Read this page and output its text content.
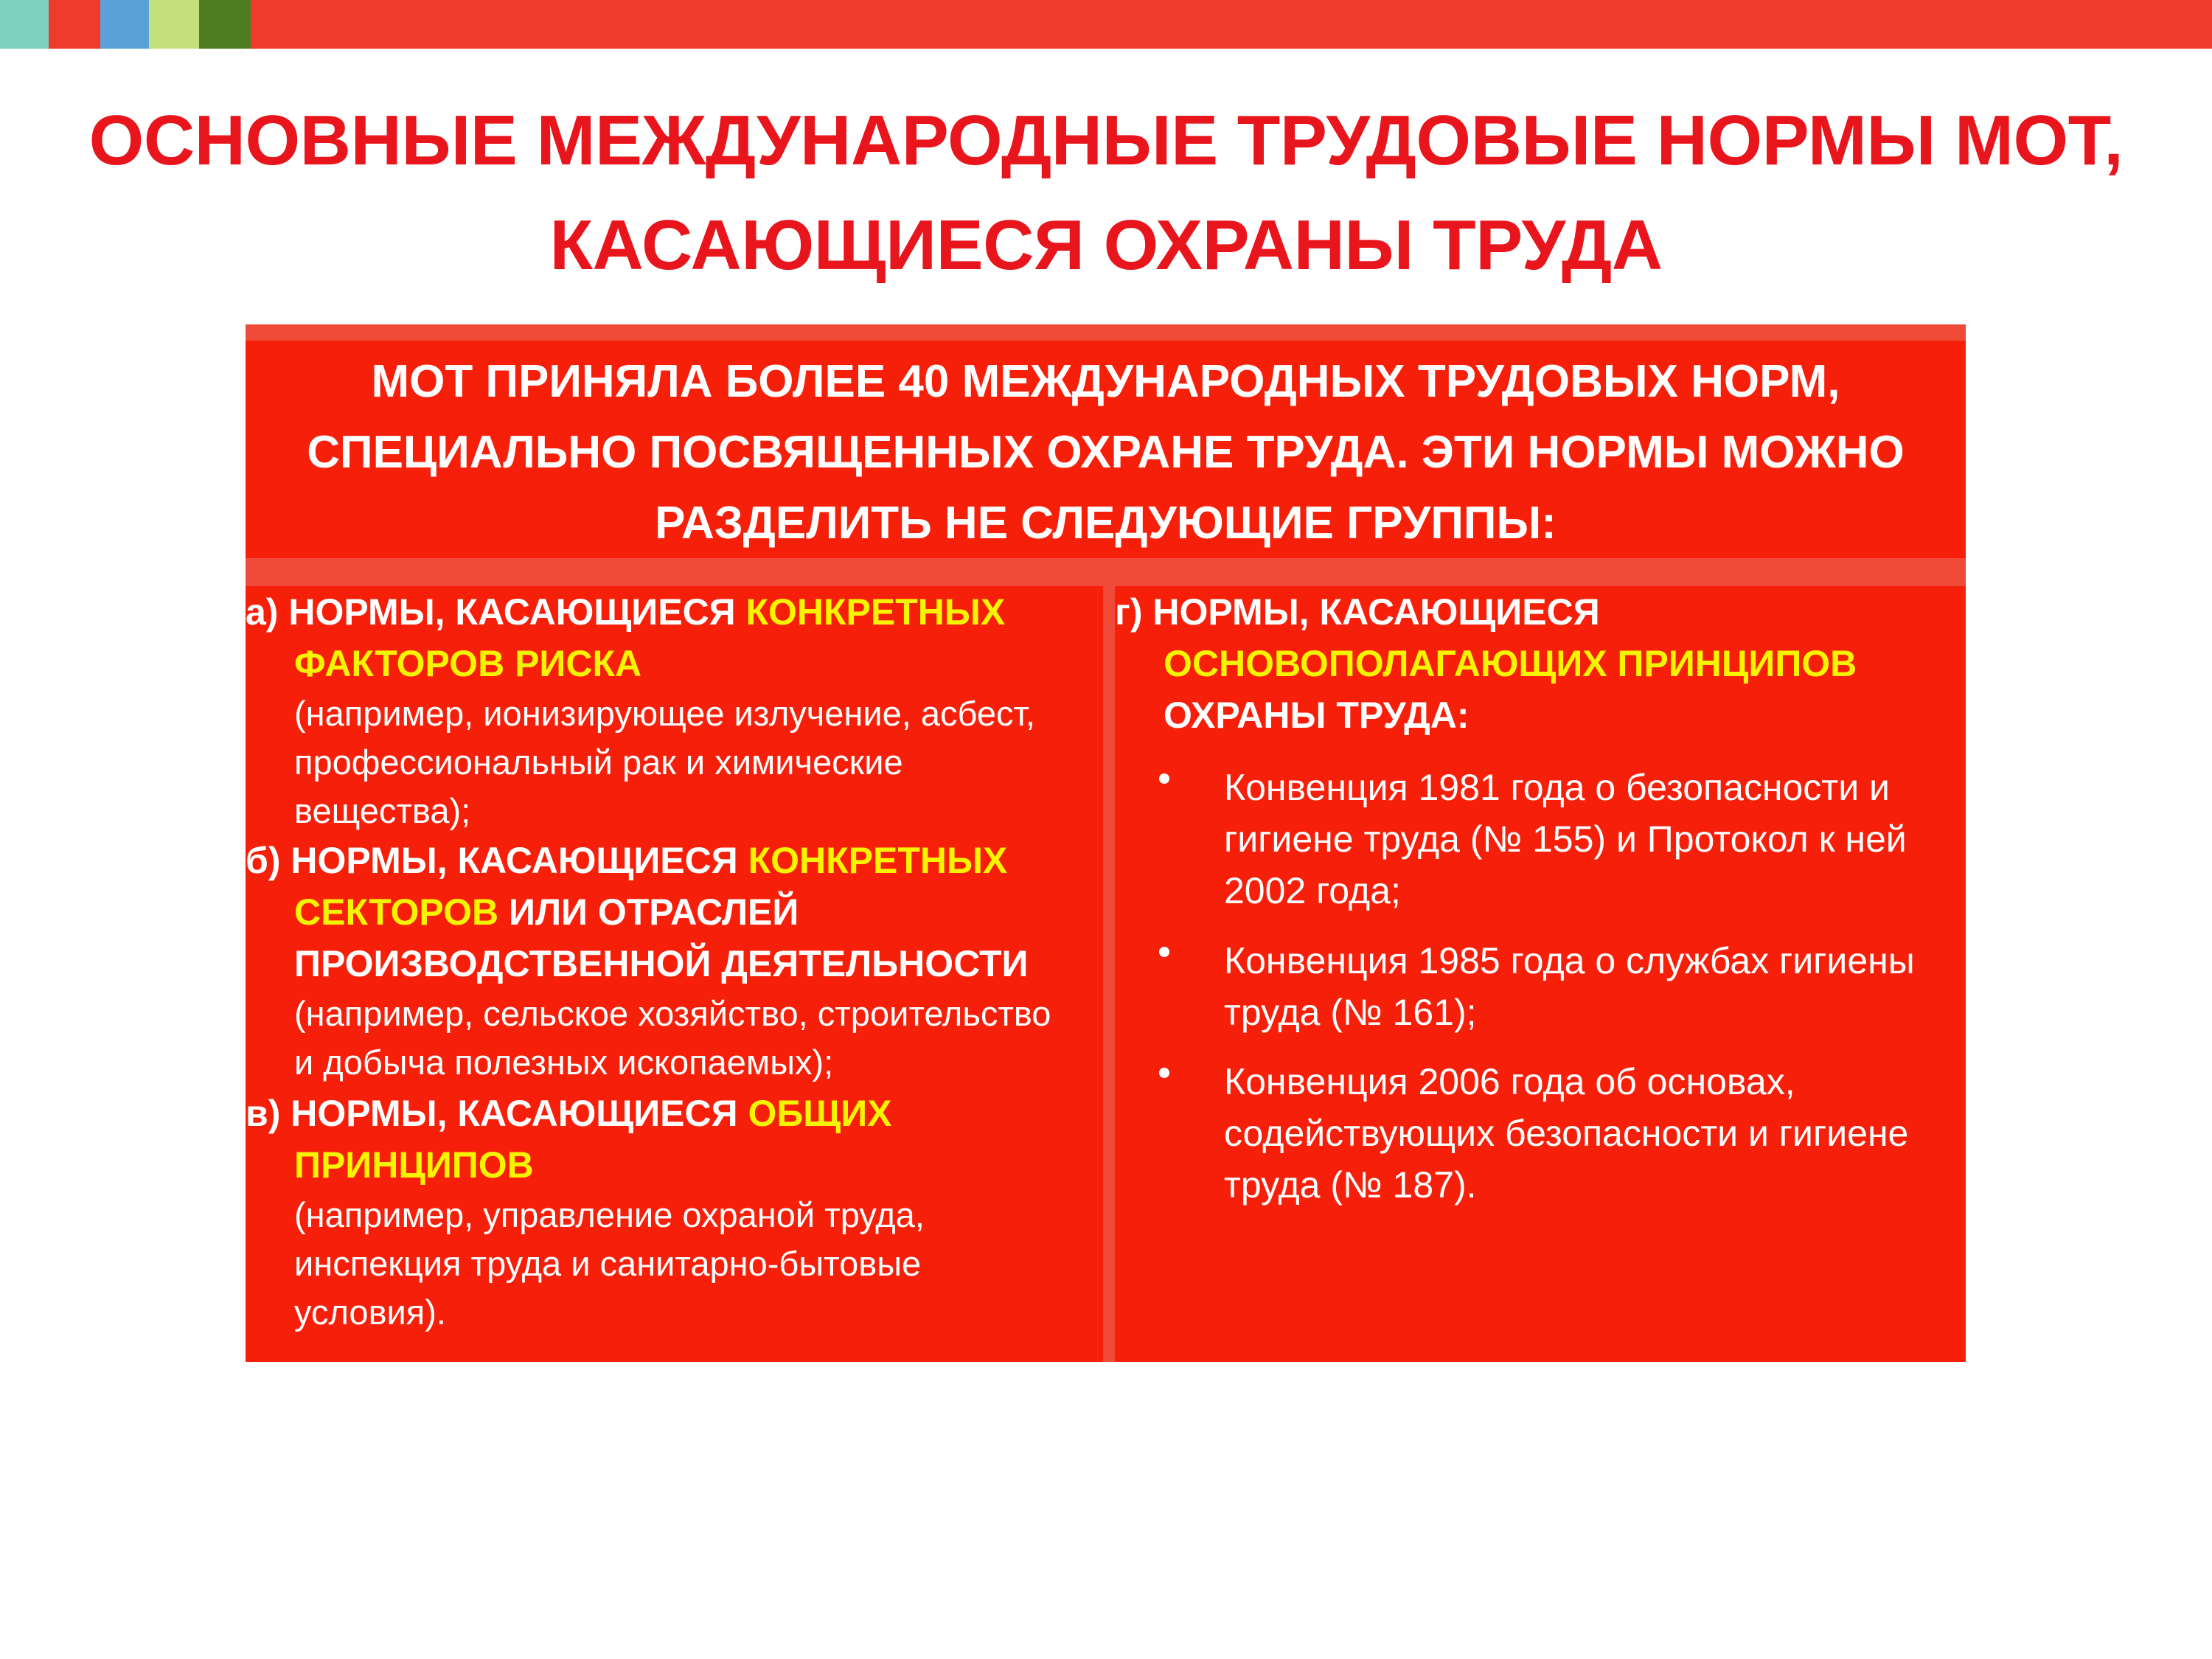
ОСНОВНЫЕ МЕЖДУНАРОДНЫЕ ТРУДОВЫЕ НОРМЫ МОТ,
КАСАЮЩИЕСЯ ОХРАНЫ ТРУДА
МОТ ПРИНЯЛА БОЛЕЕ 40 МЕЖДУНАРОДНЫХ ТРУДОВЫХ НОРМ,
СПЕЦИАЛЬНО ПОСВЯЩЕННЫХ ОХРАНЕ ТРУДА. ЭТИ НОРМЫ МОЖНО
РАЗДЕЛИТЬ НЕ СЛЕДУЮЩИЕ ГРУППЫ:
а) НОРМЫ, КАСАЮЩИЕСЯ КОНКРЕТНЫХ
ФАКТОРОВ РИСКА
(например, ионизирующее излучение, асбест,
профессиональный рак и химические
вещества);
б) НОРМЫ, КАСАЮЩИЕСЯ КОНКРЕТНЫХ
СЕКТОРОВ ИЛИ ОТРАСЛЕЙ
ПРОИЗВОДСТВЕННОЙ ДЕЯТЕЛЬНОСТИ
(например, сельское хозяйство, строительство
и добыча полезных ископаемых);
в) НОРМЫ, КАСАЮЩИЕСЯ ОБЩИХ
ПРИНЦИПОВ
(например, управление охраной труда,
инспекция труда и санитарно-бытовые
условия).
г) НОРМЫ, КАСАЮЩИЕСЯ
ОСНОВОПОЛАГАЮЩИХ ПРИНЦИПОВ
ОХРАНЫ ТРУДА:
Конвенция 1981 года о безопасности и
гигиене труда (№ 155) и Протокол к ней
2002 года;
Конвенция 1985 года о службах гигиены
труда (№ 161);
Конвенция 2006 года об основах,
содействующих безопасности и гигиене
труда (№ 187).
